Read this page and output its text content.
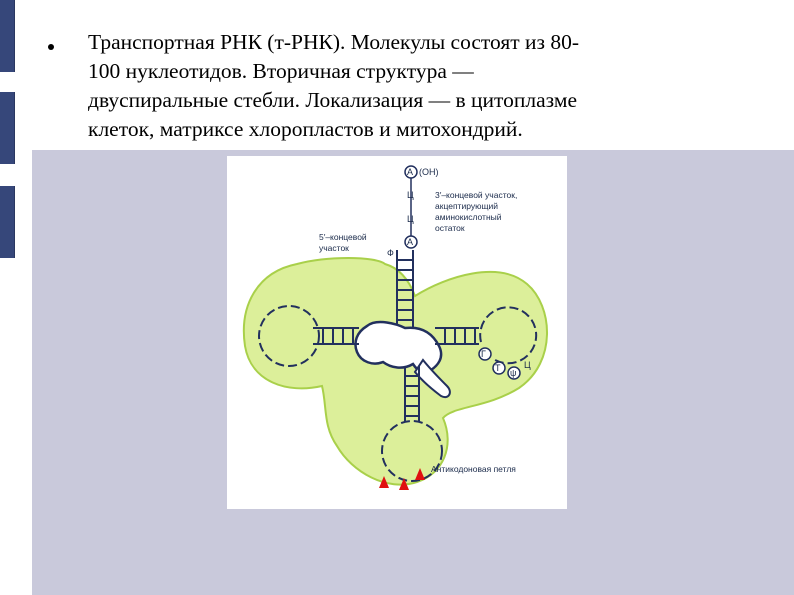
Транспортная РНК (т-РНК). Молекулы состоят из 80-
100 нуклеотидов. Вторичная структура —
двуспиральные стебли. Локализация — в цитоплазме
клеток, матриксе хлоропластов и митохондрий.

А (OH)
Ц
Ц
А
Ф
Г
Т ψ
Ц
3′–концевой участок,
акцептирующий
аминокислотный
остаток
5′–концевой
участок
Антикодоновая петля
